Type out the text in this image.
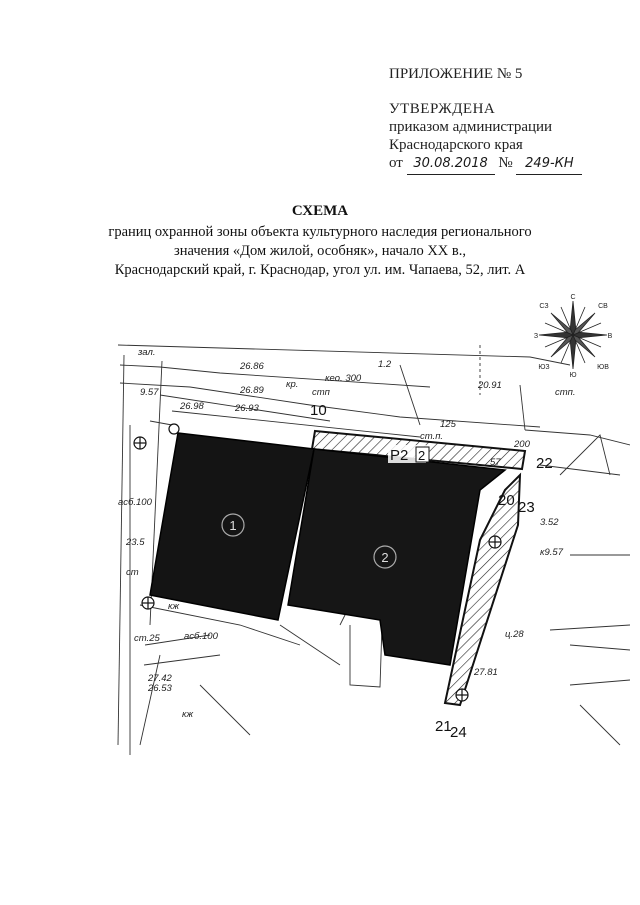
ПРИЛОЖЕНИЕ № 5
УТВЕРЖДЕНА
приказом администрации
Краснодарского края
от 30.08.2018 № 249-КН
СХЕМА
границ охранной зоны объекта культурного наследия регионального
значения «Дом жилой, особняк», начало ХХ в.,
Краснодарский край, г. Краснодар, угол ул. им. Чапаева, 52, лит. А
С
Ю
З	В
СЗ	СВ
ЮЗ	ЮВ
1
2
Р2 2
10
22
20 23
21
24
зал.
26.86
26.89
26.98	26.93
кр.
кео. 300
стп
20.91
стп.
125
ст.п.
200
57
9.57
ст.25
асб.100
кж
асб.100
27.42
26.53
кж
ц.28
27.81
к9.57
23.5
ст
1.2
3.52
